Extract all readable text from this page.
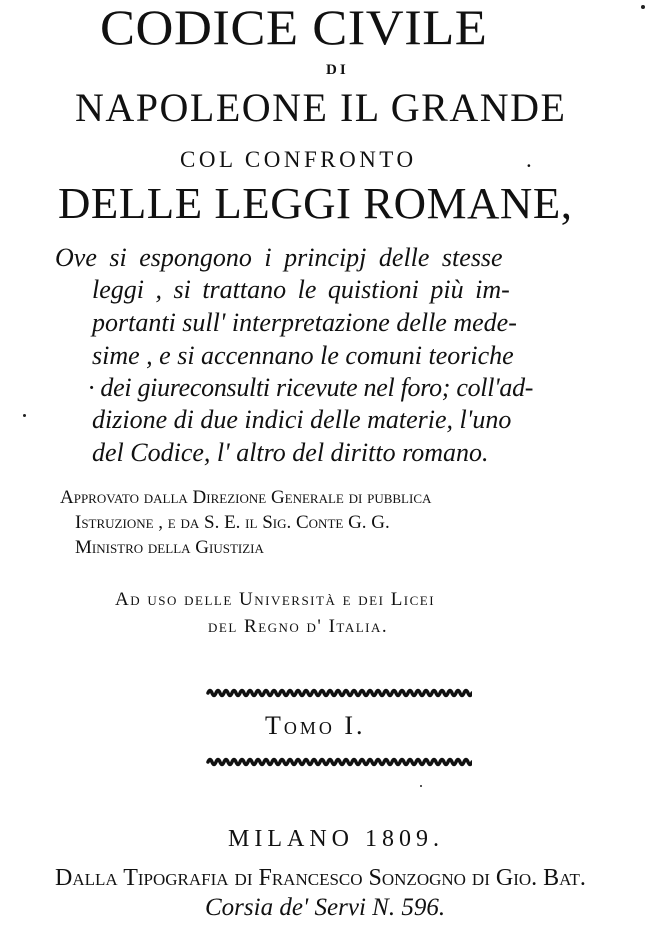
CODICE CIVILE
DI
NAPOLEONE IL GRANDE
COL CONFRONTO	.
DELLE LEGGI ROMANE,
Ove si espongono i principj delle stesse
leggi , si trattano le quistioni più im-
portanti sull' interpretazione delle mede-
sime , e si accennano le comuni teoriche
· dei giureconsulti ricevute nel foro; coll'ad-
dizione di due indici delle materie, l'uno
del Codice, l' altro del diritto romano.
Approvato dalla Direzione Generale di pubblica
Istruzione , e da S. E. il Sig. Conte G. G.
Ministro della Giustizia
Ad uso delle Università e dei Licei
del Regno d' Italia.
Tomo I.
MILANO 1809.
Dalla Tipografia di Francesco Sonzogno di Gio. Bat.
Corsia de' Servi N. 596.
